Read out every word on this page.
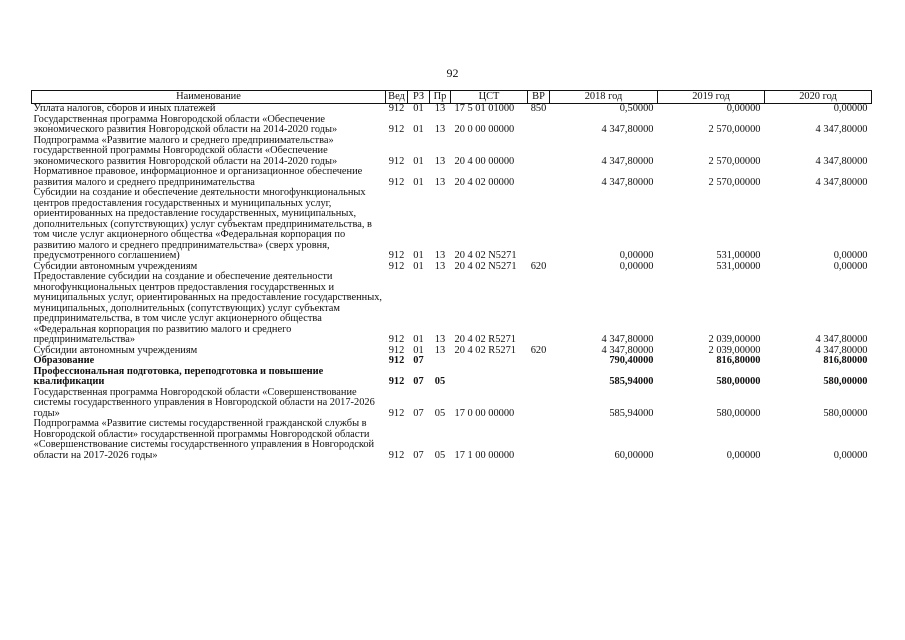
92
Наименование	Вед	РЗ	Пр	ЦСТ	ВР	2018 год	2019 год	2020 год
Уплата налогов, сборов и иных платежей	912	01	13	17 5 01 01000	850	0,50000	0,00000	0,00000
Государственная программа Новгородской области «Обеспечение экономического развития Новгородской области на 2014-2020 годы»	912	01	13	20 0 00 00000		4 347,80000	2 570,00000	4 347,80000
Подпрограмма «Развитие малого и среднего предпринимательства» государственной программы Новгородской области «Обеспечение экономического развития Новгородской области на 2014-2020 годы»	912	01	13	20 4 00 00000		4 347,80000	2 570,00000	4 347,80000
Нормативное правовое, информационное и организационное обеспечение развития малого и среднего предпринимательства	912	01	13	20 4 02 00000		4 347,80000	2 570,00000	4 347,80000
Субсидии на создание и обеспечение деятельности многофункциональных центров предоставления государственных и муниципальных услуг, ориентированных на предоставление государственных, муниципальных, дополнительных (сопутствующих) услуг субъектам предпринимательства, в том числе услуг акционерного общества «Федеральная корпорация по развитию малого и среднего предпринимательства» (сверх уровня, предусмотренного соглашением)	912	01	13	20 4 02 N5271		0,00000	531,00000	0,00000
Субсидии автономным учреждениям	912	01	13	20 4 02 N5271	620	0,00000	531,00000	0,00000
Предоставление субсидии на создание и обеспечение деятельности многофункциональных центров предоставления государственных и муниципальных услуг, ориентированных на предоставление государственных, муниципальных, дополнительных (сопутствующих) услуг субъектам предпринимательства, в том числе услуг акционерного общества «Федеральная корпорация по развитию малого и среднего предпринимательства»	912	01	13	20 4 02 R5271		4 347,80000	2 039,00000	4 347,80000
Субсидии автономным учреждениям	912	01	13	20 4 02 R5271	620	4 347,80000	2 039,00000	4 347,80000
Образование	912	07				790,40000	816,80000	816,80000
Профессиональная подготовка, переподготовка и повышение квалификации	912	07	05			585,94000	580,00000	580,00000
Государственная программа Новгородской области «Совершенствование системы государственного управления в Новгородской области на 2017-2026 годы»	912	07	05	17 0 00 00000		585,94000	580,00000	580,00000
Подпрограмма «Развитие системы государственной гражданской службы в Новгородской области» государственной программы Новгородской области «Совершенствование системы государственного управления в Новгородской области на 2017-2026 годы»	912	07	05	17 1 00 00000		60,00000	0,00000	0,00000
